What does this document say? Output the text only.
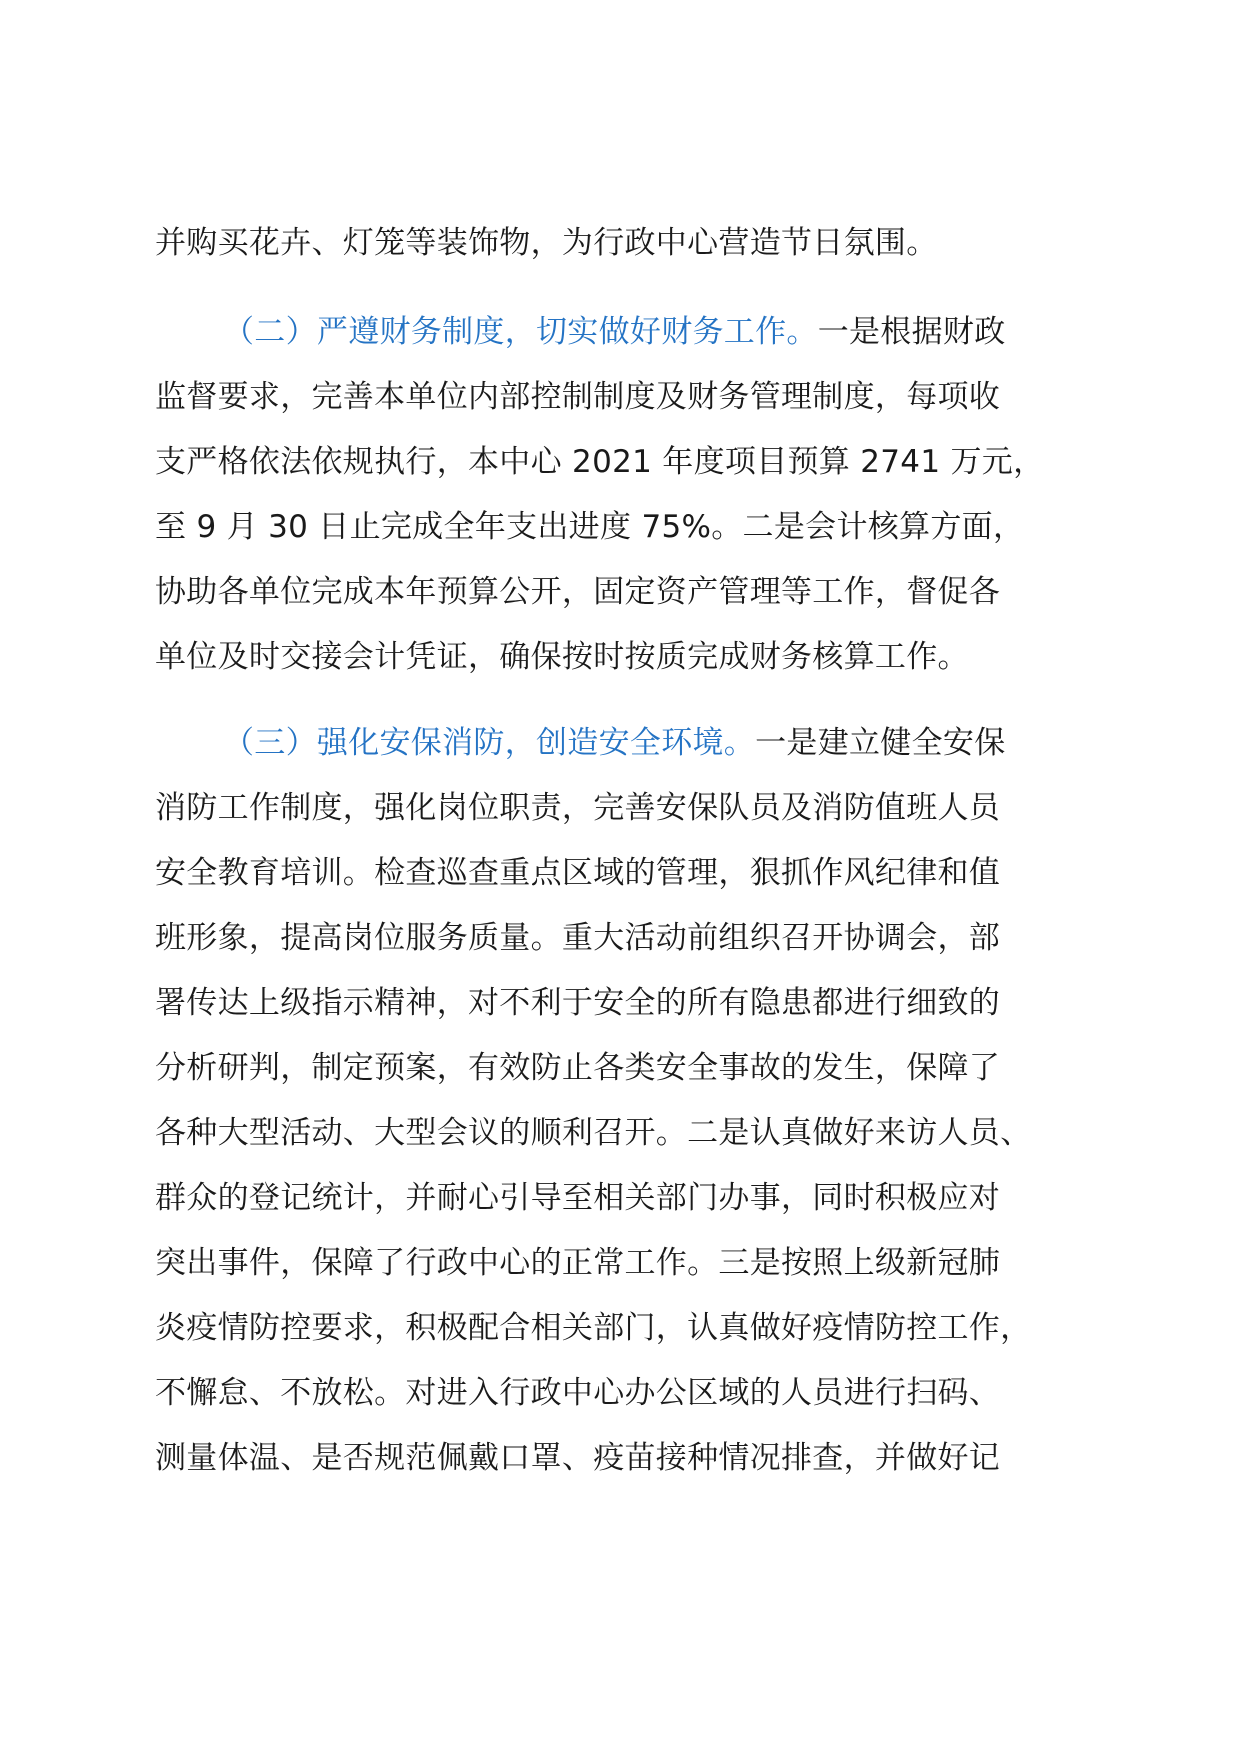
并购买花卉、灯笼等装饰物，为行政中心营造节日氛围。
（二）严遵财务制度，切实做好财务工作。一是根据财政
监督要求，完善本单位内部控制制度及财务管理制度，每项收
支严格依法依规执行，本中心 2021 年度项目预算 2741 万元，
至 9 月 30 日止完成全年支出进度 75%。二是会计核算方面，
协助各单位完成本年预算公开，固定资产管理等工作，督促各
单位及时交接会计凭证，确保按时按质完成财务核算工作。
（三）强化安保消防，创造安全环境。一是建立健全安保
消防工作制度，强化岗位职责，完善安保队员及消防值班人员
安全教育培训。检查巡查重点区域的管理，狠抓作风纪律和值
班形象，提高岗位服务质量。重大活动前组织召开协调会，部
署传达上级指示精神，对不利于安全的所有隐患都进行细致的
分析研判，制定预案，有效防止各类安全事故的发生，保障了
各种大型活动、大型会议的顺利召开。二是认真做好来访人员、
群众的登记统计，并耐心引导至相关部门办事，同时积极应对
突出事件，保障了行政中心的正常工作。三是按照上级新冠肺
炎疫情防控要求，积极配合相关部门，认真做好疫情防控工作，
不懈怠、不放松。对进入行政中心办公区域的人员进行扫码、
测量体温、是否规范佩戴口罩、疫苗接种情况排查，并做好记
